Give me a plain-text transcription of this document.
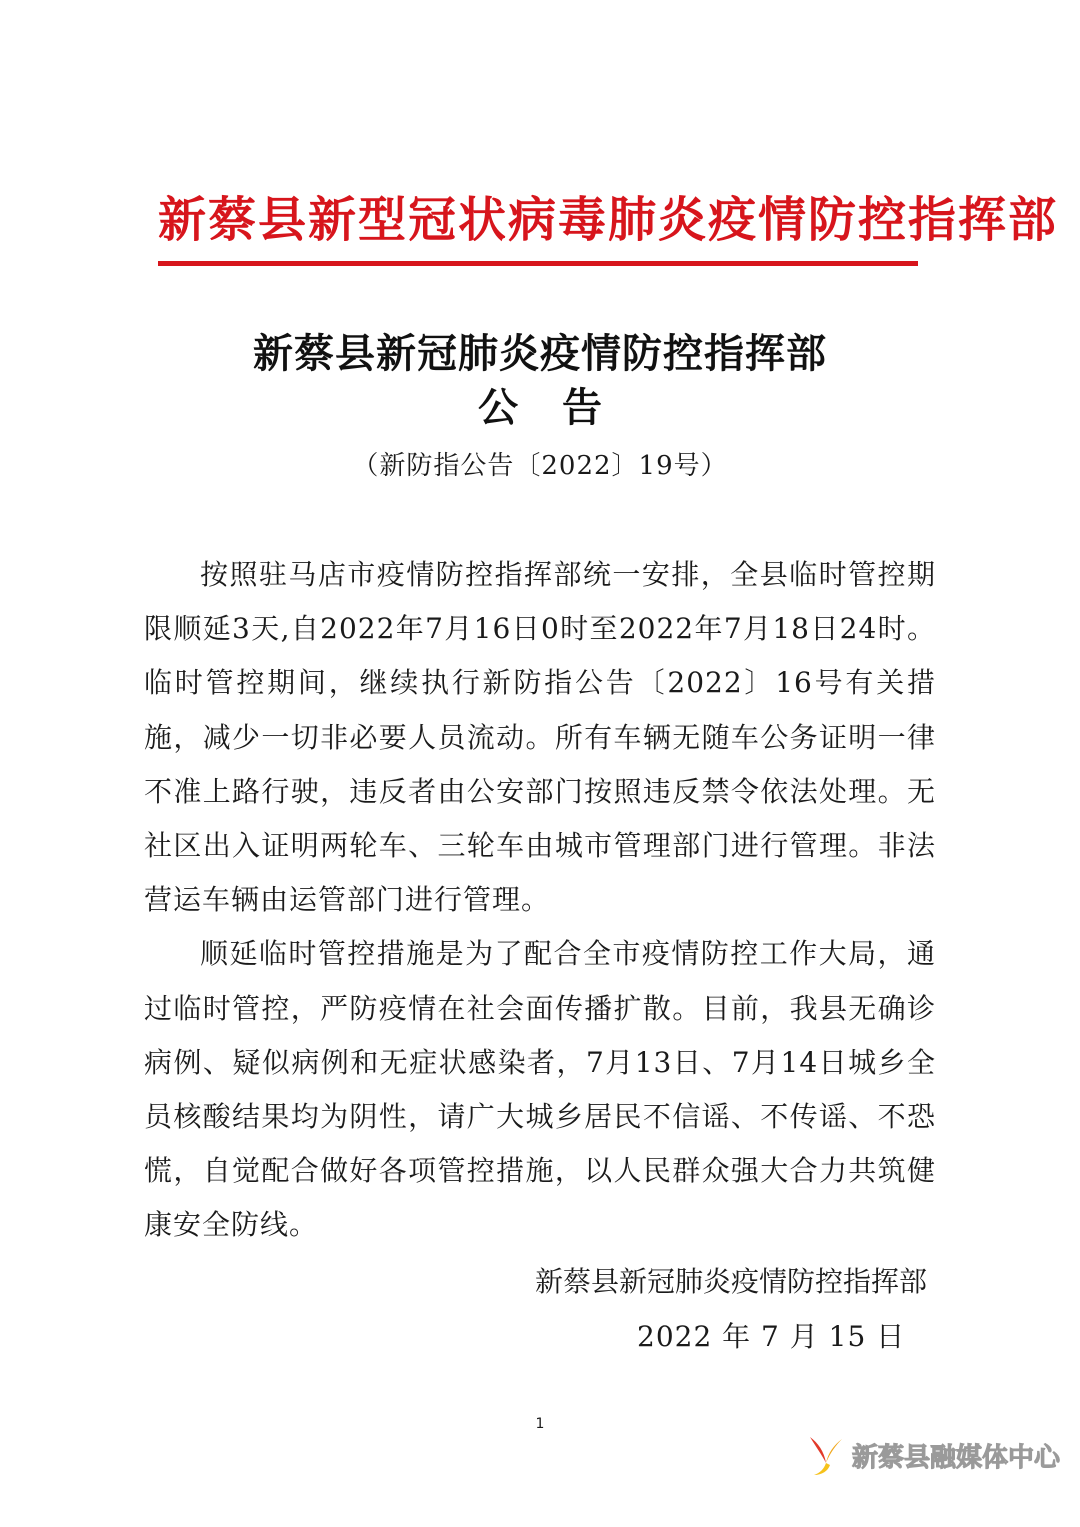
新蔡县新型冠状病毒肺炎疫情防控指挥部
新蔡县新冠肺炎疫情防控指挥部
公告
（新防指公告〔2022〕19号）

按照驻马店市疫情防控指挥部统一安排，全县临时管控期限顺延3天,自2022年7月16日0时至2022年7月18日24时。临时管控期间，继续执行新防指公告〔2022〕16号有关措施，减少一切非必要人员流动。所有车辆无随车公务证明一律不准上路行驶，违反者由公安部门按照违反禁令依法处理。无社区出入证明两轮车、三轮车由城市管理部门进行管理。非法营运车辆由运管部门进行管理。

顺延临时管控措施是为了配合全市疫情防控工作大局，通过临时管控，严防疫情在社会面传播扩散。目前，我县无确诊病例、疑似病例和无症状感染者，7月13日、7月14日城乡全员核酸结果均为阴性，请广大城乡居民不信谣、不传谣、不恐慌，自觉配合做好各项管控措施，以人民群众强大合力共筑健康安全防线。

新蔡县新冠肺炎疫情防控指挥部
2022 年 7 月 15 日
1
新蔡县融媒体中心
